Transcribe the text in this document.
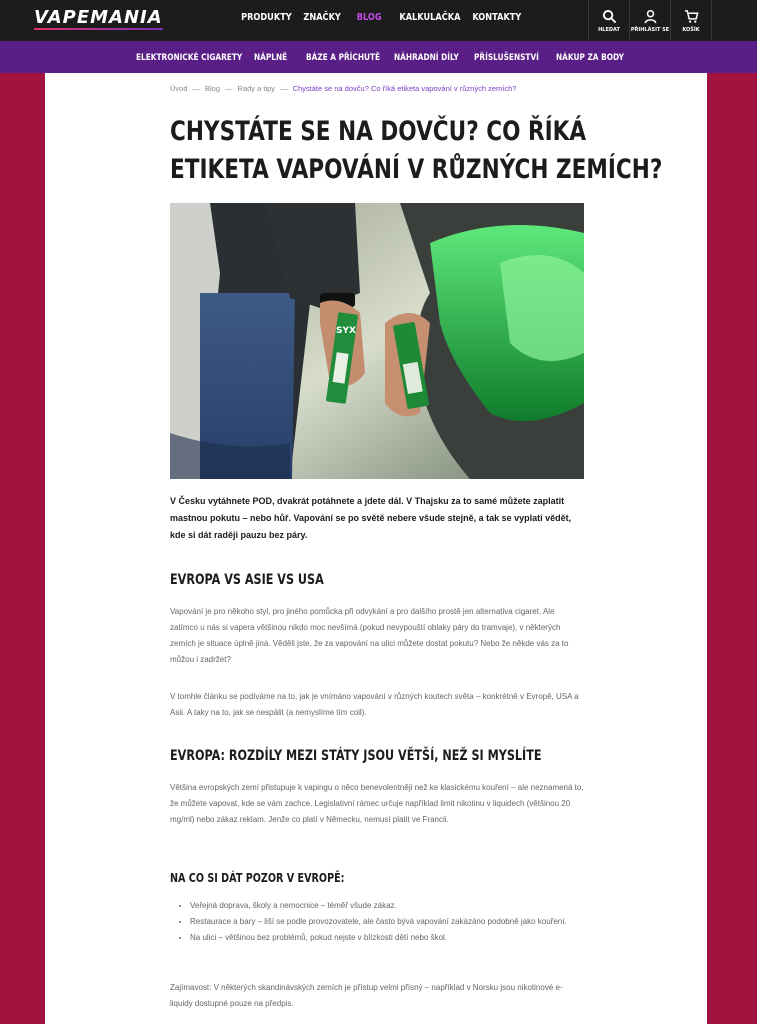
VAPEMANIA	PRODUKTY ZNAČKY BLOG KALKULAČKA KONTAKTY
HLEDAT PŘIHLÁSIT SE	KOŠÍK
ELEKTRONICKÉ CIGARETY NÁPLNĚ BÁZE A PŘÍCHUTĚ NÁHRADNÍ DÍLY PŘÍSLUŠENSTVÍ NÁKUP ZA BODY
Úvod — Blog — Rady a tipy — Chystáte se na dovču? Co říká etiketa vapování v různých zemích?
CHYSTÁTE SE NA DOVČU? CO ŘÍKÁ
ETIKETA VAPOVÁNÍ V RŮZNÝCH ZEMÍCH?
SYX
V Česku vytáhnete POD, dvakrát potáhnete a jdete dál. V Thajsku za to samé můžete zaplatit mastnou pokutu – nebo hůř. Vapování se po světě nebere všude stejně, a tak se vyplatí vědět, kde si dát raději pauzu bez páry.
EVROPA VS ASIE VS USA
Vapování je pro někoho styl, pro jiného pomůcka při odvykání a pro dalšího prostě jen alternativa cigaret. Ale zatímco u nás si vapera většinou nikdo moc nevšímá (pokud nevypouští oblaky páry do tramvaje), v některých zemích je situace úplně jiná. Věděli jste, že za vapování na ulici můžete dostat pokutu? Nebo že někde vás za to můžou i zadržet?
V tomhle článku se podíváme na to, jak je vnímáno vapování v různých koutech světa – konkrétně v Evropě, USA a Asii. A taky na to, jak se nespálit (a nemyslíme tím coil).
EVROPA: ROZDÍLY MEZI STÁTY JSOU VĚTŠÍ, NEŽ SI MYSLÍTE
Většina evropských zemí přistupuje k vapingu o něco benevolentněji než ke klasickému kouření – ale neznamená to, že můžete vapovat, kde se vám zachce. Legislativní rámec určuje například limit nikotinu v liquidech (většinou 20 mg/ml) nebo zákaz reklam. Jenže co platí v Německu, nemusí platit ve Francii.
NA CO SI DÁT POZOR V EVROPĚ:
• Veřejná doprava, školy a nemocnice – téměř všude zákaz.
• Restaurace a bary – liší se podle provozovatele, ale často bývá vapování zakázáno podobně jako kouření.
• Na ulici – většinou bez problémů, pokud nejste v blízkosti dětí nebo škol.
Zajímavost: V některých skandinávských zemích je přístup velmi přísný – například v Norsku jsou nikotinové e-liquidy dostupné pouze na předpis.
